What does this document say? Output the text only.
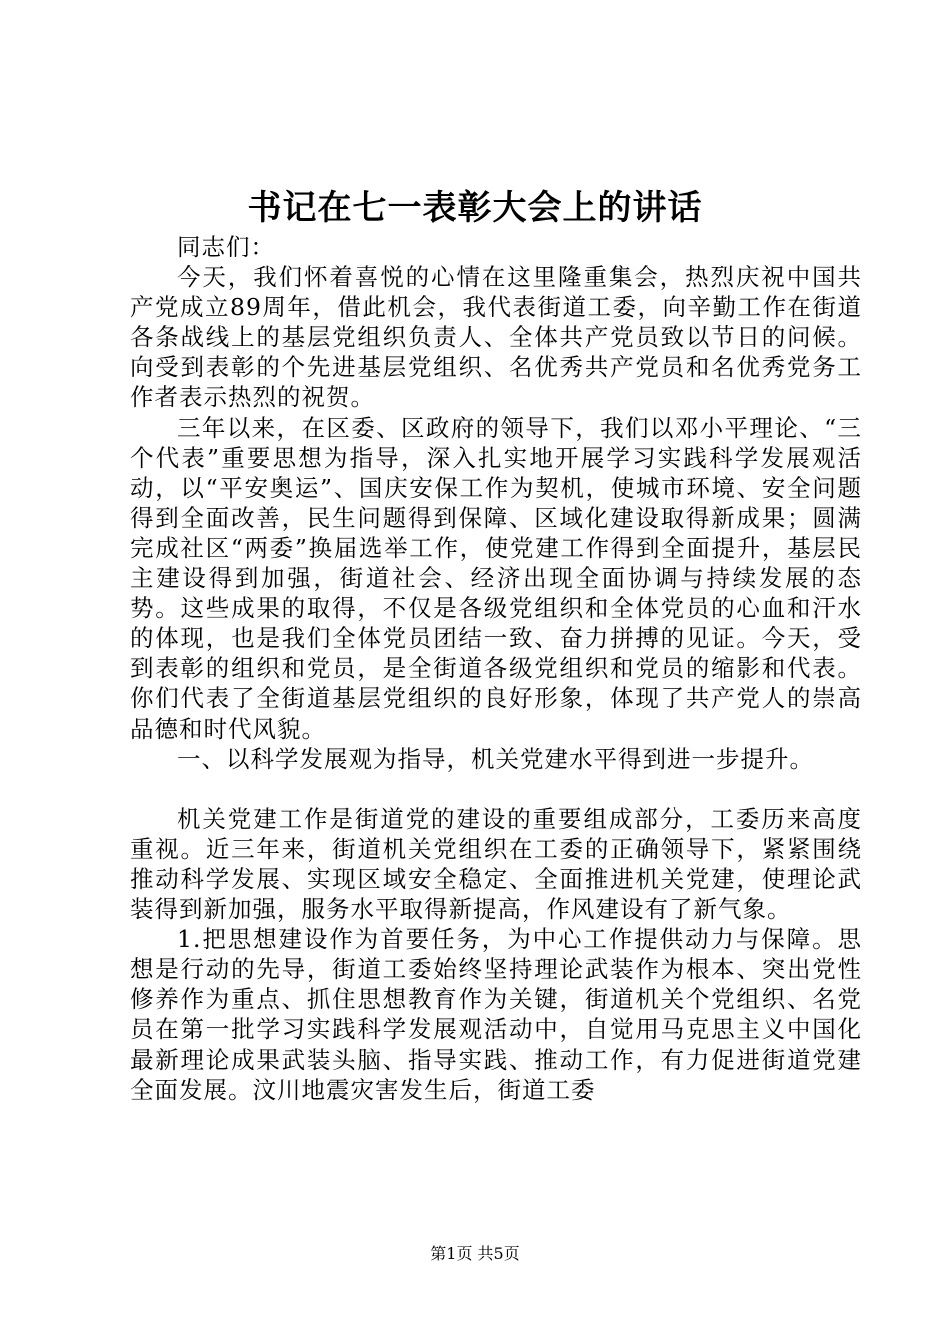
书记在七一表彰大会上的讲话

同志们：

今天，我们怀着喜悦的心情在这里隆重集会，热烈庆祝中国共产党成立89周年，借此机会，我代表街道工委，向辛勤工作在街道各条战线上的基层党组织负责人、全体共产党员致以节日的问候。向受到表彰的个先进基层党组织、名优秀共产党员和名优秀党务工作者表示热烈的祝贺。

三年以来，在区委、区政府的领导下，我们以邓小平理论、“三个代表”重要思想为指导，深入扎实地开展学习实践科学发展观活动，以“平安奥运”、国庆安保工作为契机，使城市环境、安全问题得到全面改善，民生问题得到保障、区域化建设取得新成果；圆满完成社区“两委”换届选举工作，使党建工作得到全面提升，基层民主建设得到加强，街道社会、经济出现全面协调与持续发展的态势。这些成果的取得，不仅是各级党组织和全体党员的心血和汗水的体现，也是我们全体党员团结一致、奋力拼搏的见证。今天，受到表彰的组织和党员，是全街道各级党组织和党员的缩影和代表。你们代表了全街道基层党组织的良好形象，体现了共产党人的崇高品德和时代风貌。

一、以科学发展观为指导，机关党建水平得到进一步提升。

机关党建工作是街道党的建设的重要组成部分，工委历来高度重视。近三年来，街道机关党组织在工委的正确领导下，紧紧围绕推动科学发展、实现区域安全稳定、全面推进机关党建，使理论武装得到新加强，服务水平取得新提高，作风建设有了新气象。

1.把思想建设作为首要任务，为中心工作提供动力与保障。思想是行动的先导，街道工委始终坚持理论武装作为根本、突出党性修养作为重点、抓住思想教育作为关键，街道机关个党组织、名党员在第一批学习实践科学发展观活动中，自觉用马克思主义中国化最新理论成果武装头脑、指导实践、推动工作，有力促进街道党建全面发展。汶川地震灾害发生后，街道工委

第1页 共5页
